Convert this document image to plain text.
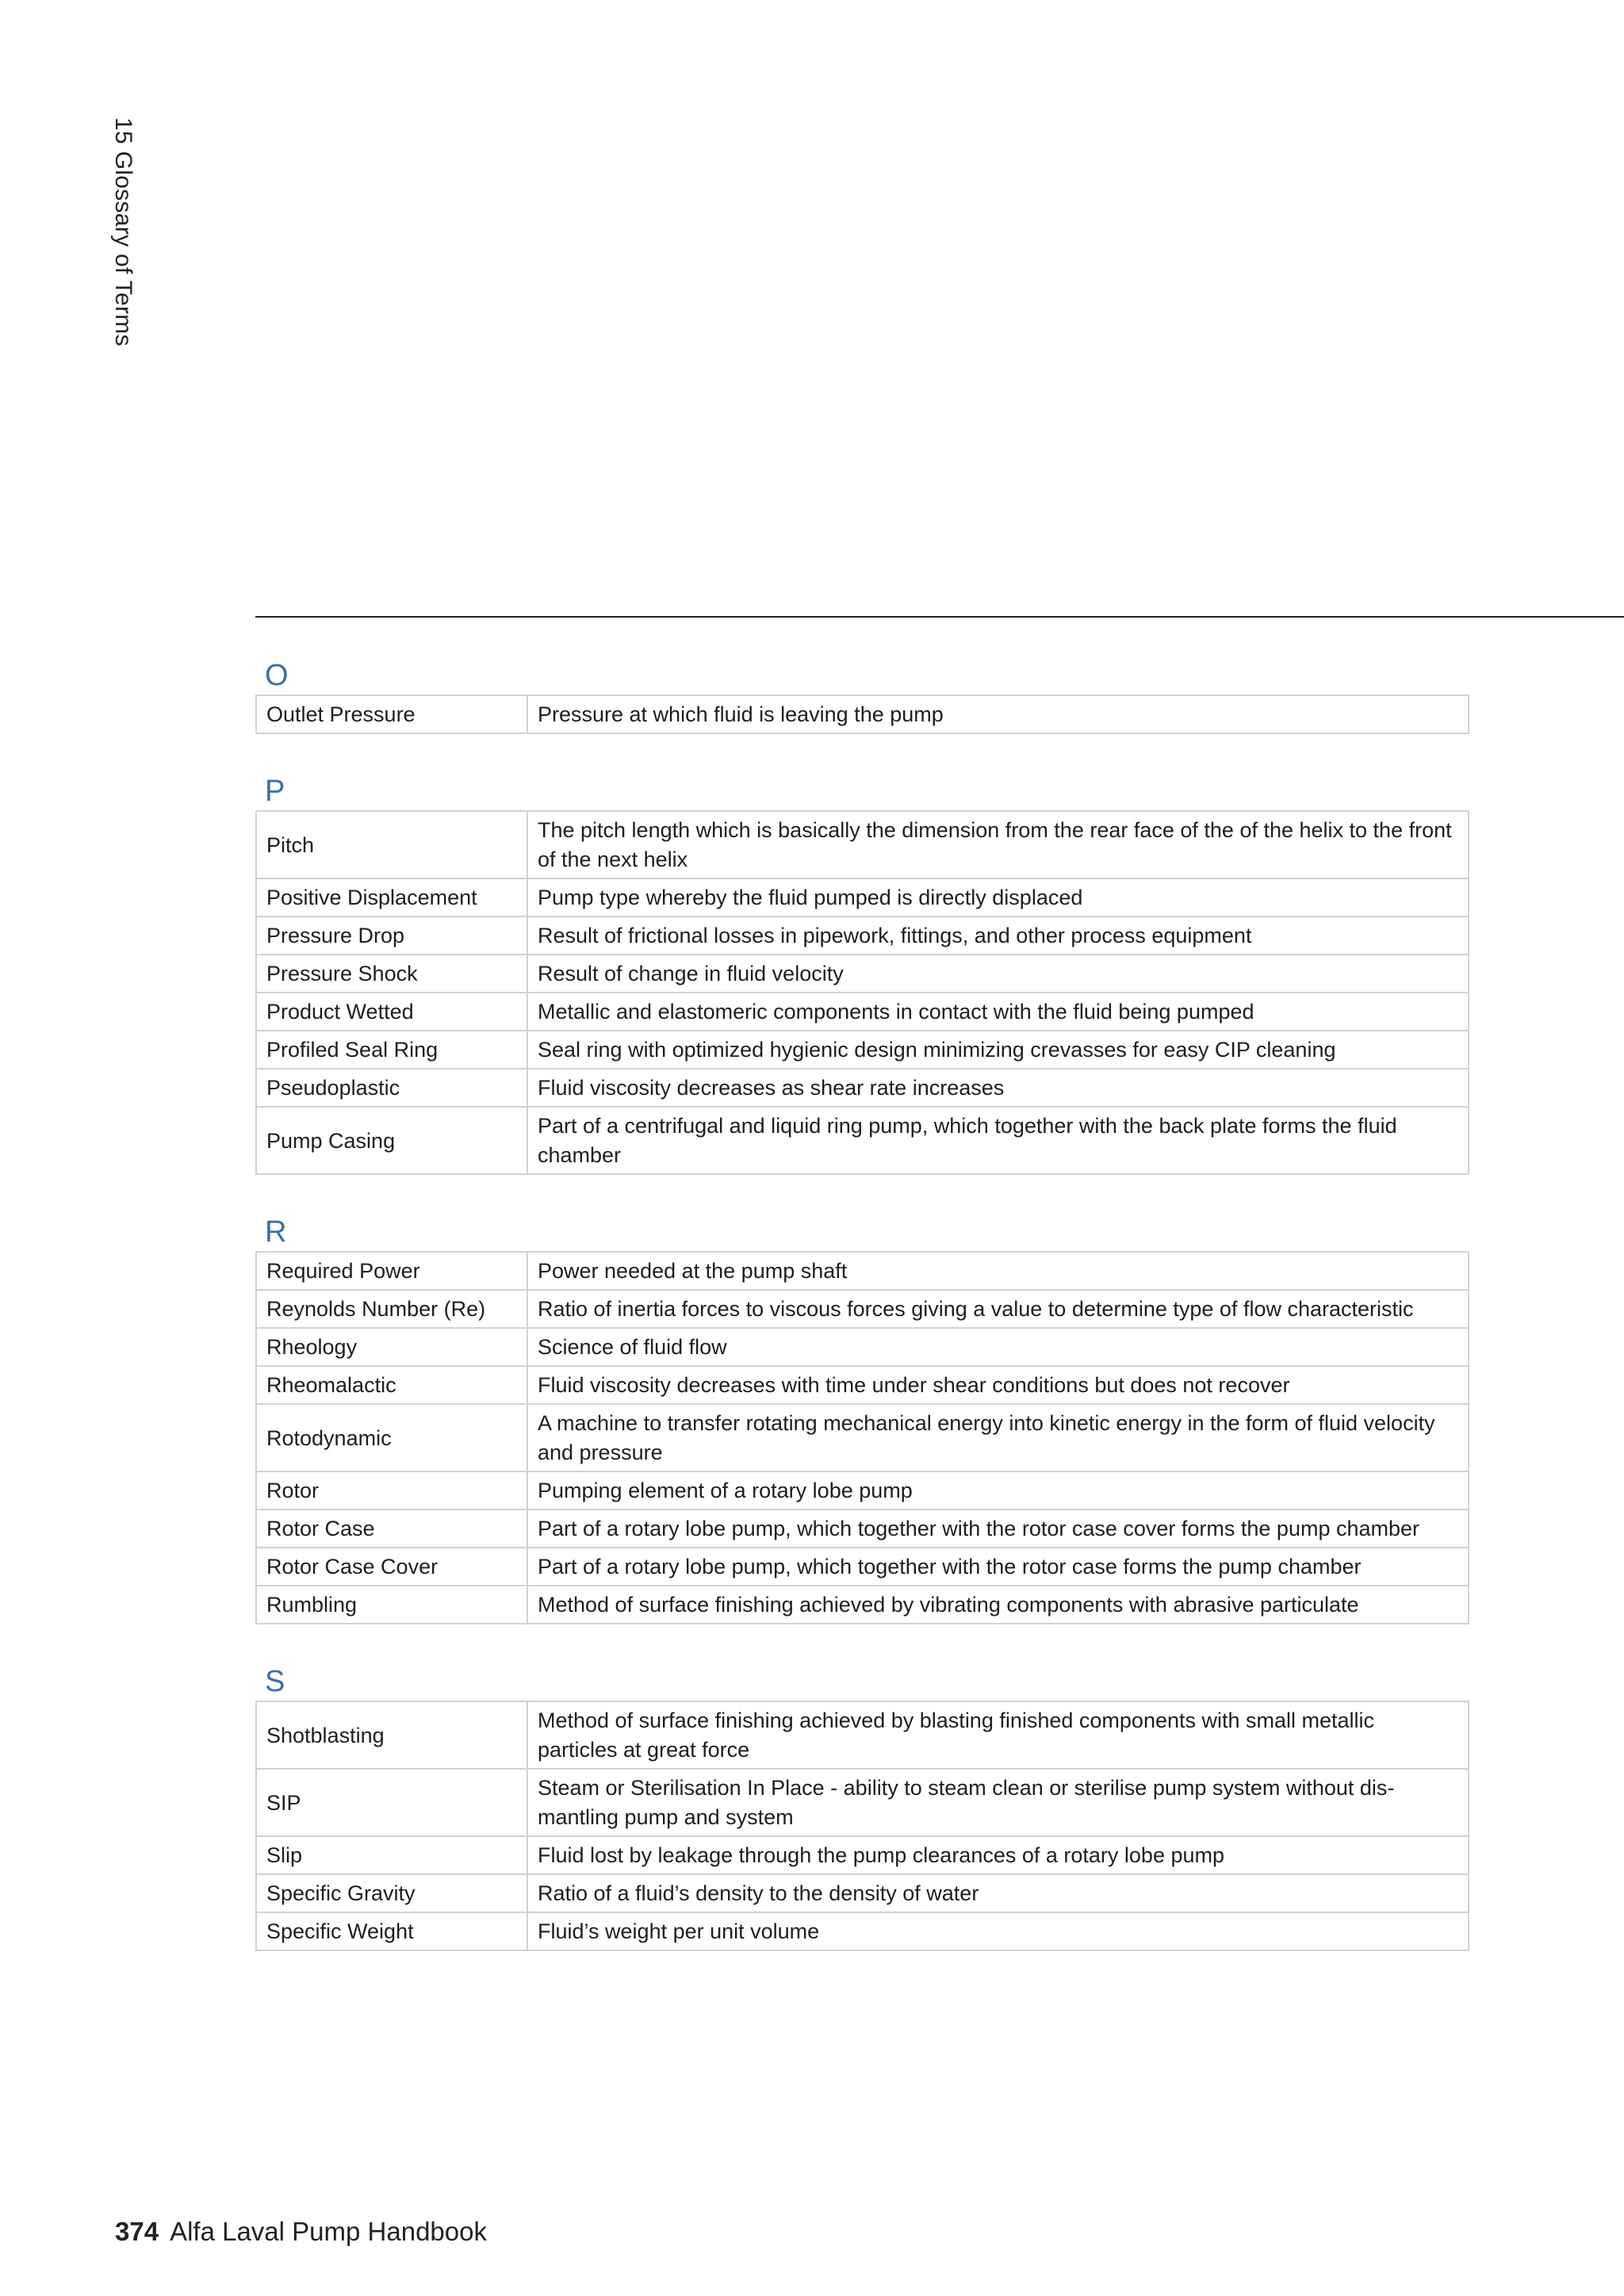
15 Glossary of Terms
O
Outlet Pressure	Pressure at which fluid is leaving the pump
P
Pitch	The pitch length which is basically the dimension from the rear face of the of the helix to the front of the next helix
Positive Displacement	Pump type whereby the fluid pumped is directly displaced
Pressure Drop	Result of frictional losses in pipework, fittings, and other process equipment
Pressure Shock	Result of change in fluid velocity
Product Wetted	Metallic and elastomeric components in contact with the fluid being pumped
Profiled Seal Ring	Seal ring with optimized hygienic design minimizing crevasses for easy CIP cleaning
Pseudoplastic	Fluid viscosity decreases as shear rate increases
Pump Casing	Part of a centrifugal and liquid ring pump, which together with the back plate forms the fluid chamber
R
Required Power	Power needed at the pump shaft
Reynolds Number (Re)	Ratio of inertia forces to viscous forces giving a value to determine type of flow characteristic
Rheology	Science of fluid flow
Rheomalactic	Fluid viscosity decreases with time under shear conditions but does not recover
Rotodynamic	A machine to transfer rotating mechanical energy into kinetic energy in the form of fluid velocity and pressure
Rotor	Pumping element of a rotary lobe pump
Rotor Case	Part of a rotary lobe pump, which together with the rotor case cover forms the pump chamber
Rotor Case Cover	Part of a rotary lobe pump, which together with the rotor case forms the pump chamber
Rumbling	Method of surface finishing achieved by vibrating components with abrasive particulate
S
Shotblasting	Method of surface finishing achieved by blasting finished components with small metallic particles at great force
SIP	Steam or Sterilisation In Place - ability to steam clean or sterilise pump system without dismantling pump and system
Slip	Fluid lost by leakage through the pump clearances of a rotary lobe pump
Specific Gravity	Ratio of a fluid’s density to the density of water
Specific Weight	Fluid’s weight per unit volume
374 Alfa Laval Pump Handbook
